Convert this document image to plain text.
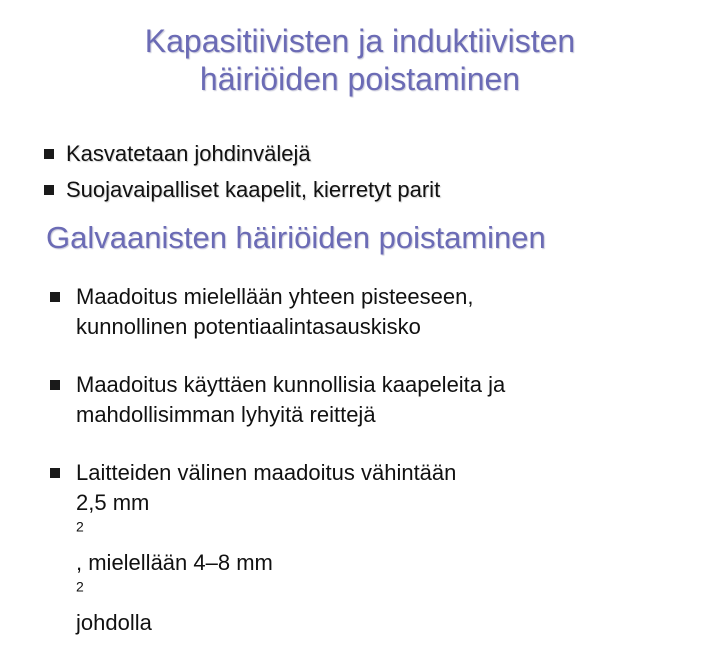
Kapasitiivisten ja induktiivisten
häiriöiden poistaminen
Kasvatetaan johdinvälejä
Suojavaipalliset kaapelit, kierretyt parit
Galvaanisten häiriöiden poistaminen
Maadoitus mielellään yhteen pisteeseen,
kunnollinen potentiaalintasauskisko
Maadoitus käyttäen kunnollisia kaapeleita ja
mahdollisimman lyhyitä reittejä
Laitteiden välinen maadoitus vähintään
2,5 mm
$^2$
, mielellään 4–8 mm
$^2$
johdolla
